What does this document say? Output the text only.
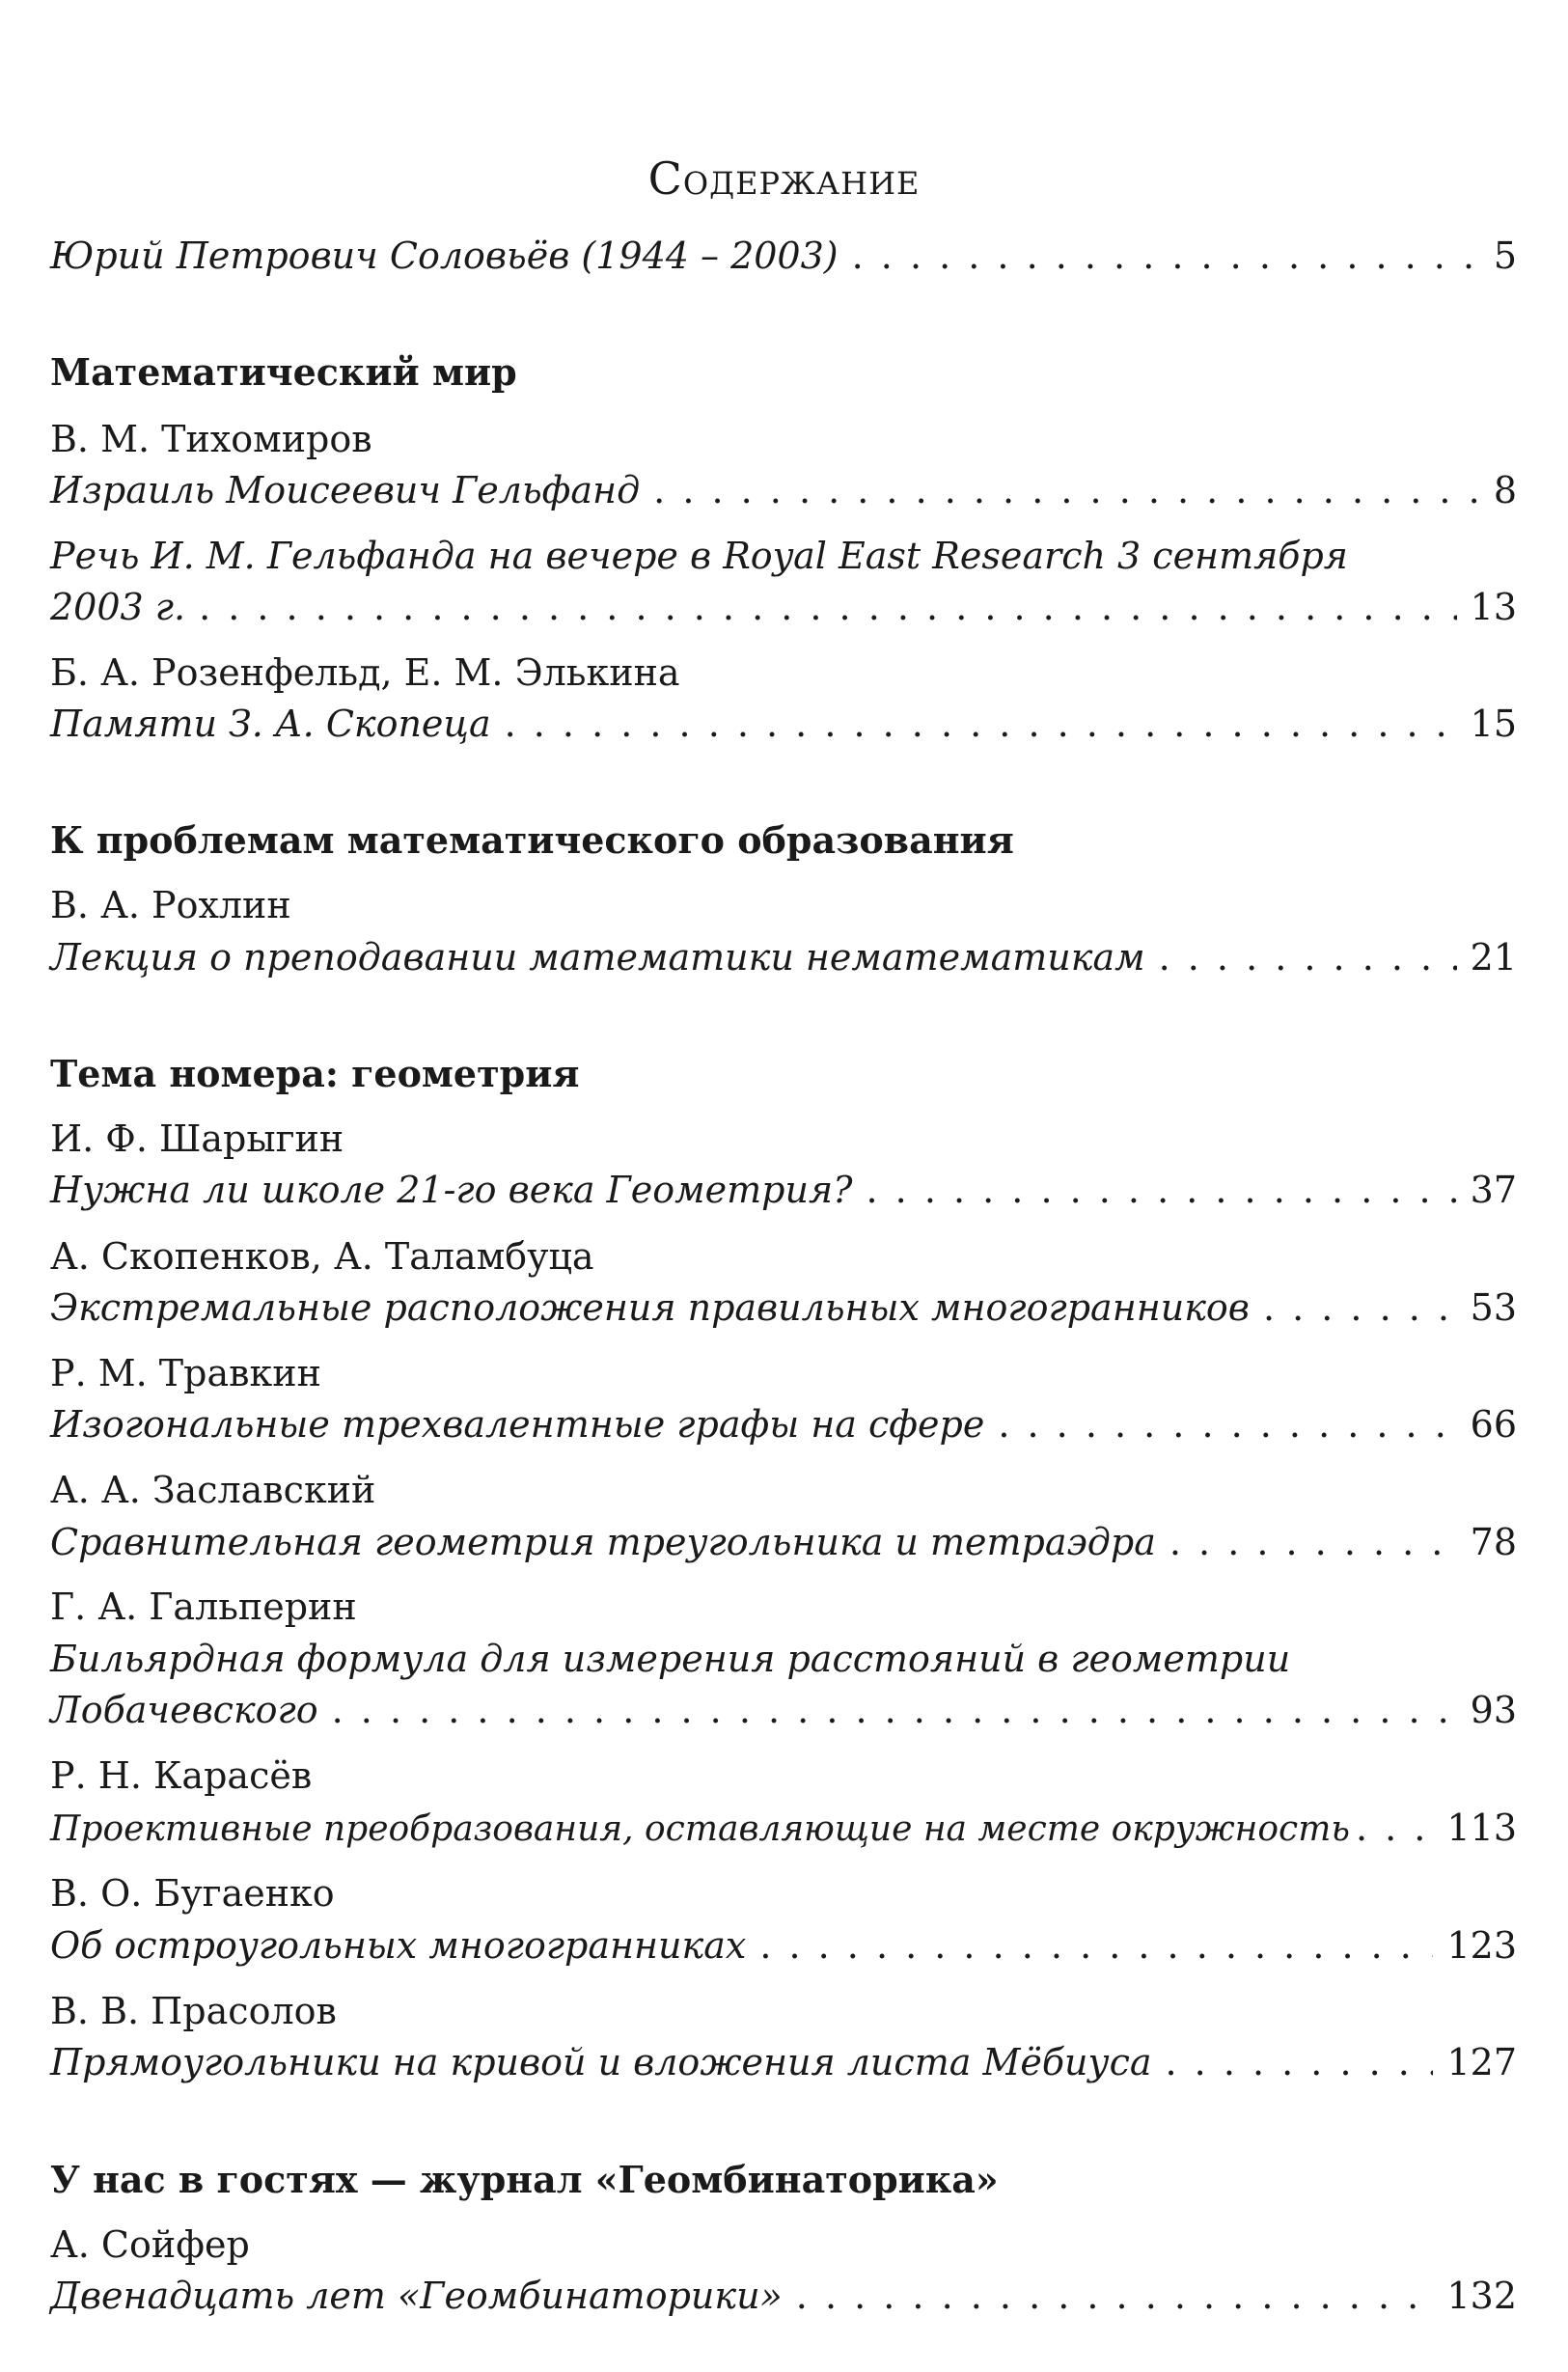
Содержание
Юрий Петрович Соловьёв (1944 – 2003) . . .	5
Математический мир
В. М. Тихомиров
Израиль Моисеевич Гельфанд . . .	8
Речь И. М. Гельфанда на вечере в Royal East Research 3 сентября
2003 г. . . .	13
Б. А. Розенфельд, Е. М. Элькина
Памяти З. А. Скопеца . . .	15
К проблемам математического образования
В. А. Рохлин
Лекция о преподавании математики нематематикам . . .	21
Тема номера: геометрия
И. Ф. Шарыгин
Нужна ли школе 21-го века Геометрия? . . .	37
А. Скопенков, А. Таламбуца
Экстремальные расположения правильных многогранников . . .	53
Р. М. Травкин
Изогональные трехвалентные графы на сфере . . .	66
А. А. Заславский
Сравнительная геометрия треугольника и тетраэдра . . .	78
Г. А. Гальперин
Бильярдная формула для измерения расстояний в геометрии
Лобачевского . . .	93
Р. Н. Карасёв
Проективные преобразования, оставляющие на месте окружность . . .	113
В. О. Бугаенко
Об остроугольных многогранниках . . .	123
В. В. Прасолов
Прямоугольники на кривой и вложения листа Мёбиуса . . .	127
У нас в гостях — журнал «Геомбинаторика»
А. Сойфер
Двенадцать лет «Геомбинаторики» . . .	132
